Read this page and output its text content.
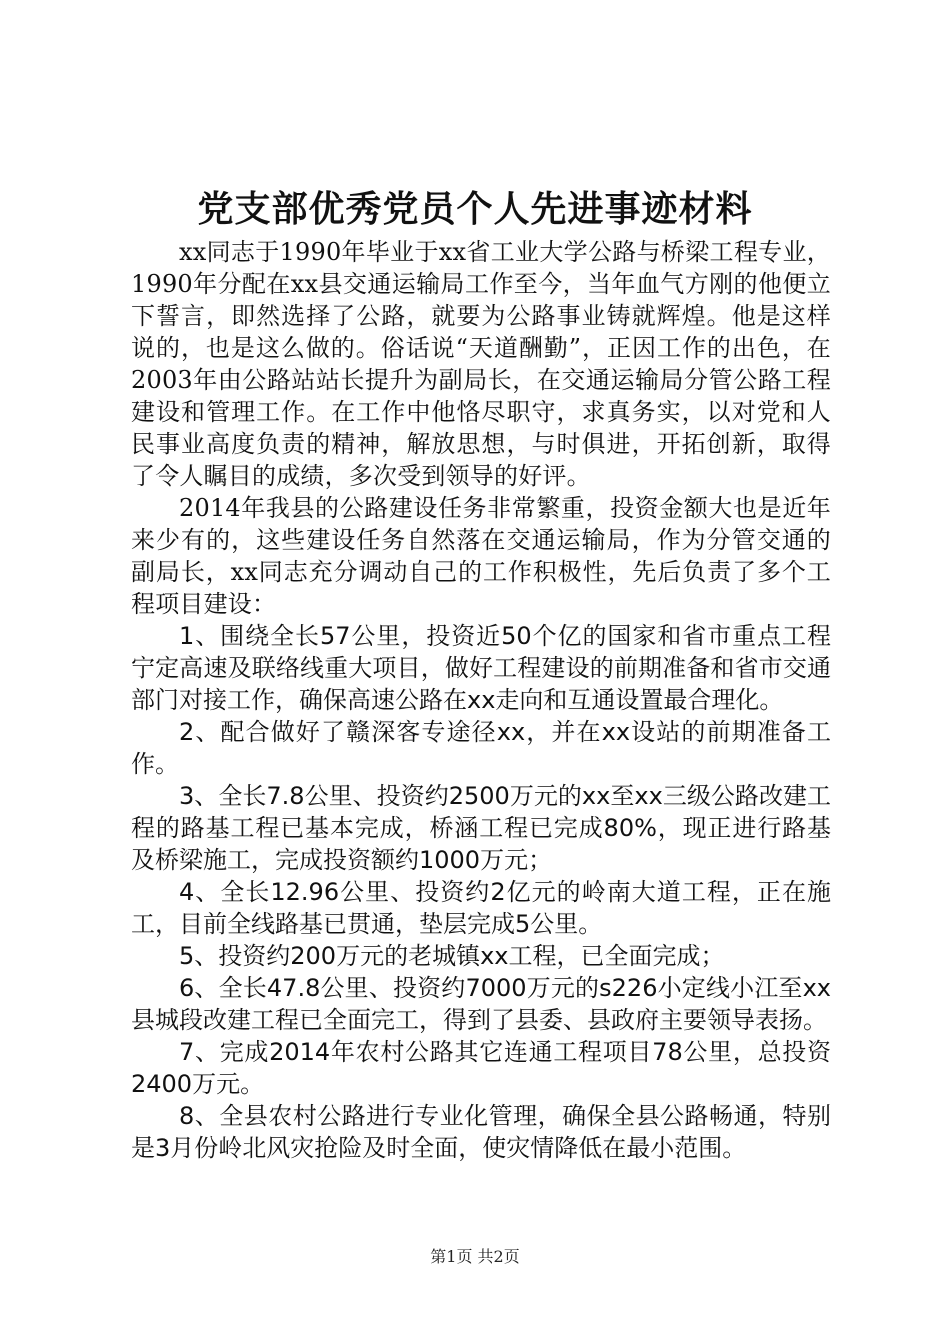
党支部优秀党员个人先进事迹材料

xx同志于1990年毕业于xx省工业大学公路与桥梁工程专业，1990年分配在xx县交通运输局工作至今，当年血气方刚的他便立下誓言，即然选择了公路，就要为公路事业铸就辉煌。他是这样说的，也是这么做的。俗话说“天道酬勤”，正因工作的出色，在2003年由公路站站长提升为副局长，在交通运输局分管公路工程建设和管理工作。在工作中他恪尽职守，求真务实，以对党和人民事业高度负责的精神，解放思想，与时俱进，开拓创新，取得了令人瞩目的成绩，多次受到领导的好评。

2014年我县的公路建设任务非常繁重，投资金额大也是近年来少有的，这些建设任务自然落在交通运输局，作为分管交通的副局长，xx同志充分调动自己的工作积极性，先后负责了多个工程项目建设：

1、围绕全长57公里，投资近50个亿的国家和省市重点工程宁定高速及联络线重大项目，做好工程建设的前期准备和省市交通部门对接工作，确保高速公路在xx走向和互通设置最合理化。

2、配合做好了赣深客专途径xx，并在xx设站的前期准备工作。

3、全长7.8公里、投资约2500万元的xx至xx三级公路改建工程的路基工程已基本完成，桥涵工程已完成80%，现正进行路基及桥梁施工，完成投资额约1000万元；

4、全长12.96公里、投资约2亿元的岭南大道工程，正在施工，目前全线路基已贯通，垫层完成5公里。

5、投资约200万元的老城镇xx工程，已全面完成；

6、全长47.8公里、投资约7000万元的s226小定线小江至xx县城段改建工程已全面完工，得到了县委、县政府主要领导表扬。

7、完成2014年农村公路其它连通工程项目78公里，总投资2400万元。

8、全县农村公路进行专业化管理，确保全县公路畅通，特别是3月份岭北风灾抢险及时全面，使灾情降低在最小范围。

第1页 共2页
